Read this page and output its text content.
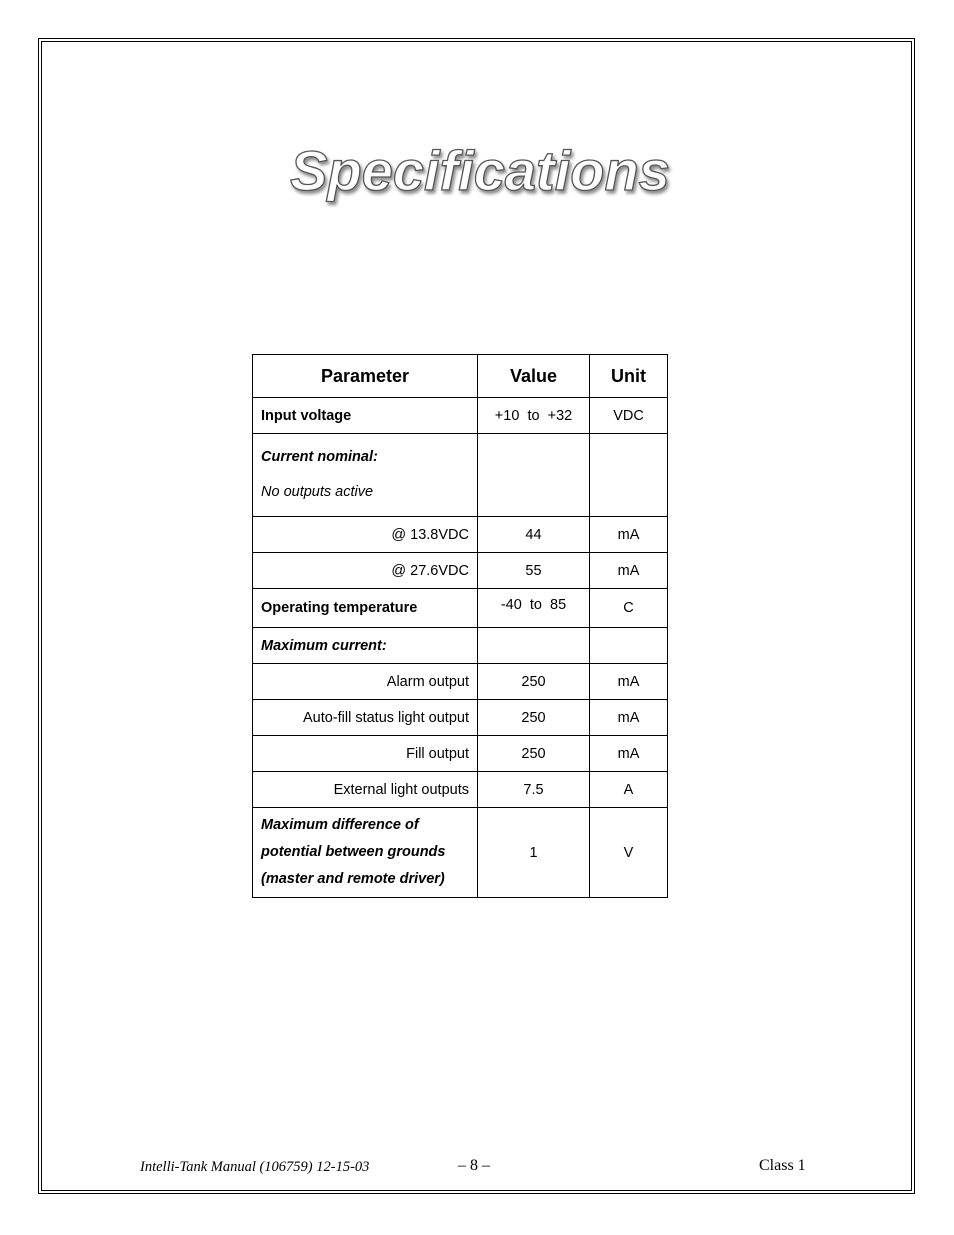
Specifications
Parameter	Value	Unit
Input voltage	+10  to  +32	VDC

Current nominal:
No outputs active		

@ 13.8VDC	44	mA
@ 27.6VDC	55	mA
Operating temperature	-40  to  85	C
Maximum current:		
Alarm output	250	mA
Auto-fill status light output	250	mA
Fill output	250	mA
External light outputs	7.5	A

Maximum difference of
potential between grounds
(master and remote driver)	1	V
Intelli-Tank Manual (106759) 12-15-03	– 8 –	Class 1
